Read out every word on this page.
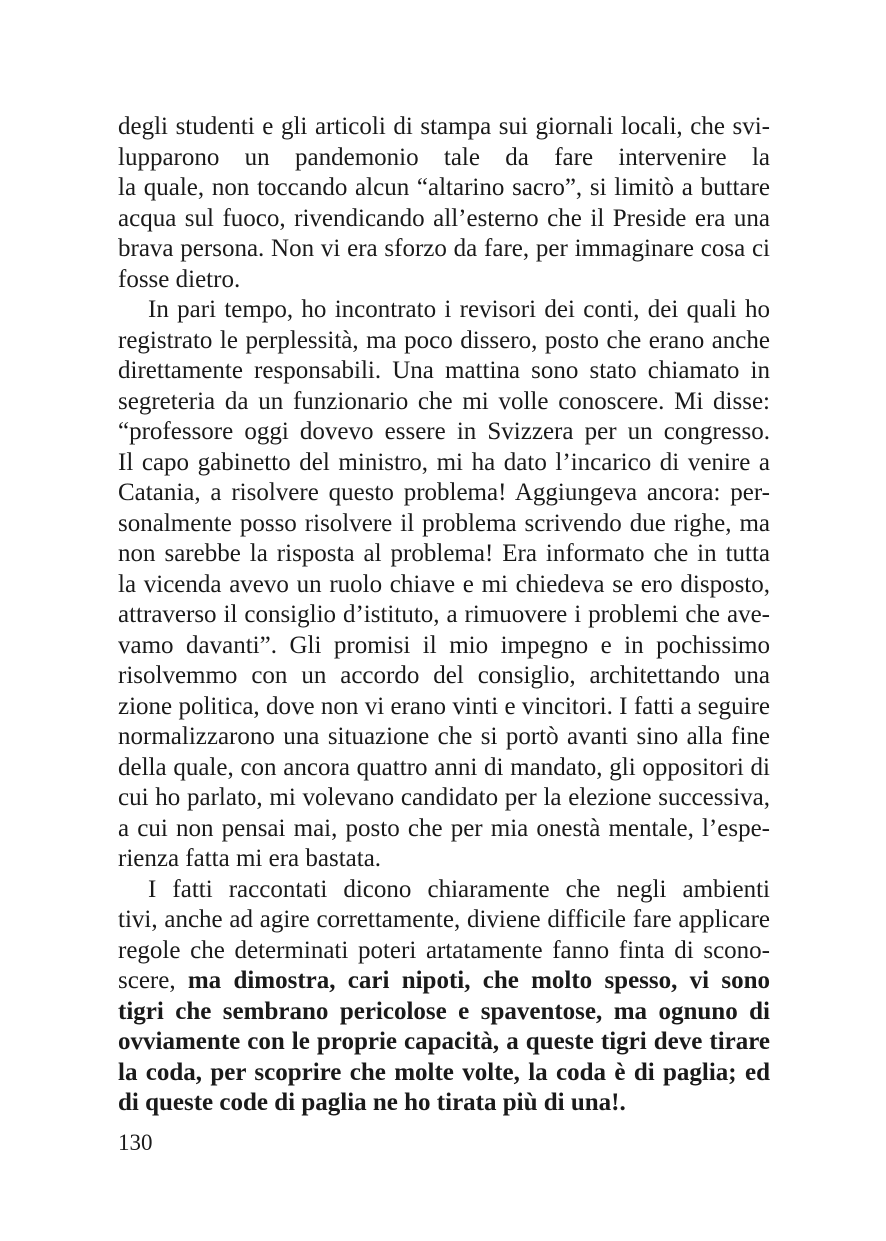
degli studenti e gli articoli di stampa sui giornali locali, che svi-
lupparono un pandemonio tale da fare intervenire la
la quale, non toccando alcun “altarino sacro”, si limitò a buttare
acqua sul fuoco, rivendicando all’esterno che il Preside era una
brava persona. Non vi era sforzo da fare, per immaginare cosa ci
fosse dietro.
In pari tempo, ho incontrato i revisori dei conti, dei quali ho
registrato le perplessità, ma poco dissero, posto che erano anche
direttamente responsabili. Una mattina sono stato chiamato in
segreteria da un funzionario che mi volle conoscere. Mi disse:
“professore oggi dovevo essere in Svizzera per un congresso.
Il capo gabinetto del ministro, mi ha dato l’incarico di venire a
Catania, a risolvere questo problema! Aggiungeva ancora: per-
sonalmente posso risolvere il problema scrivendo due righe, ma
non sarebbe la risposta al problema! Era informato che in tutta
la vicenda avevo un ruolo chiave e mi chiedeva se ero disposto,
attraverso il consiglio d’istituto, a rimuovere i problemi che ave-
vamo davanti”. Gli promisi il mio impegno e in pochissimo
risolvemmo con un accordo del consiglio, architettando una
zione politica, dove non vi erano vinti e vincitori. I fatti a seguire
normalizzarono una situazione che si portò avanti sino alla fine
della quale, con ancora quattro anni di mandato, gli oppositori di
cui ho parlato, mi volevano candidato per la elezione successiva,
a cui non pensai mai, posto che per mia onestà mentale, l’espe-
rienza fatta mi era bastata.
I fatti raccontati dicono chiaramente che negli ambienti
tivi, anche ad agire correttamente, diviene difficile fare applicare
regole che determinati poteri artatamente fanno finta di scono-
scere, ma dimostra, cari nipoti, che molto spesso, vi sono
tigri che sembrano pericolose e spaventose, ma ognuno di
ovviamente con le proprie capacità, a queste tigri deve tirare
la coda, per scoprire che molte volte, la coda è di paglia; ed
di queste code di paglia ne ho tirata più di una!.
130
